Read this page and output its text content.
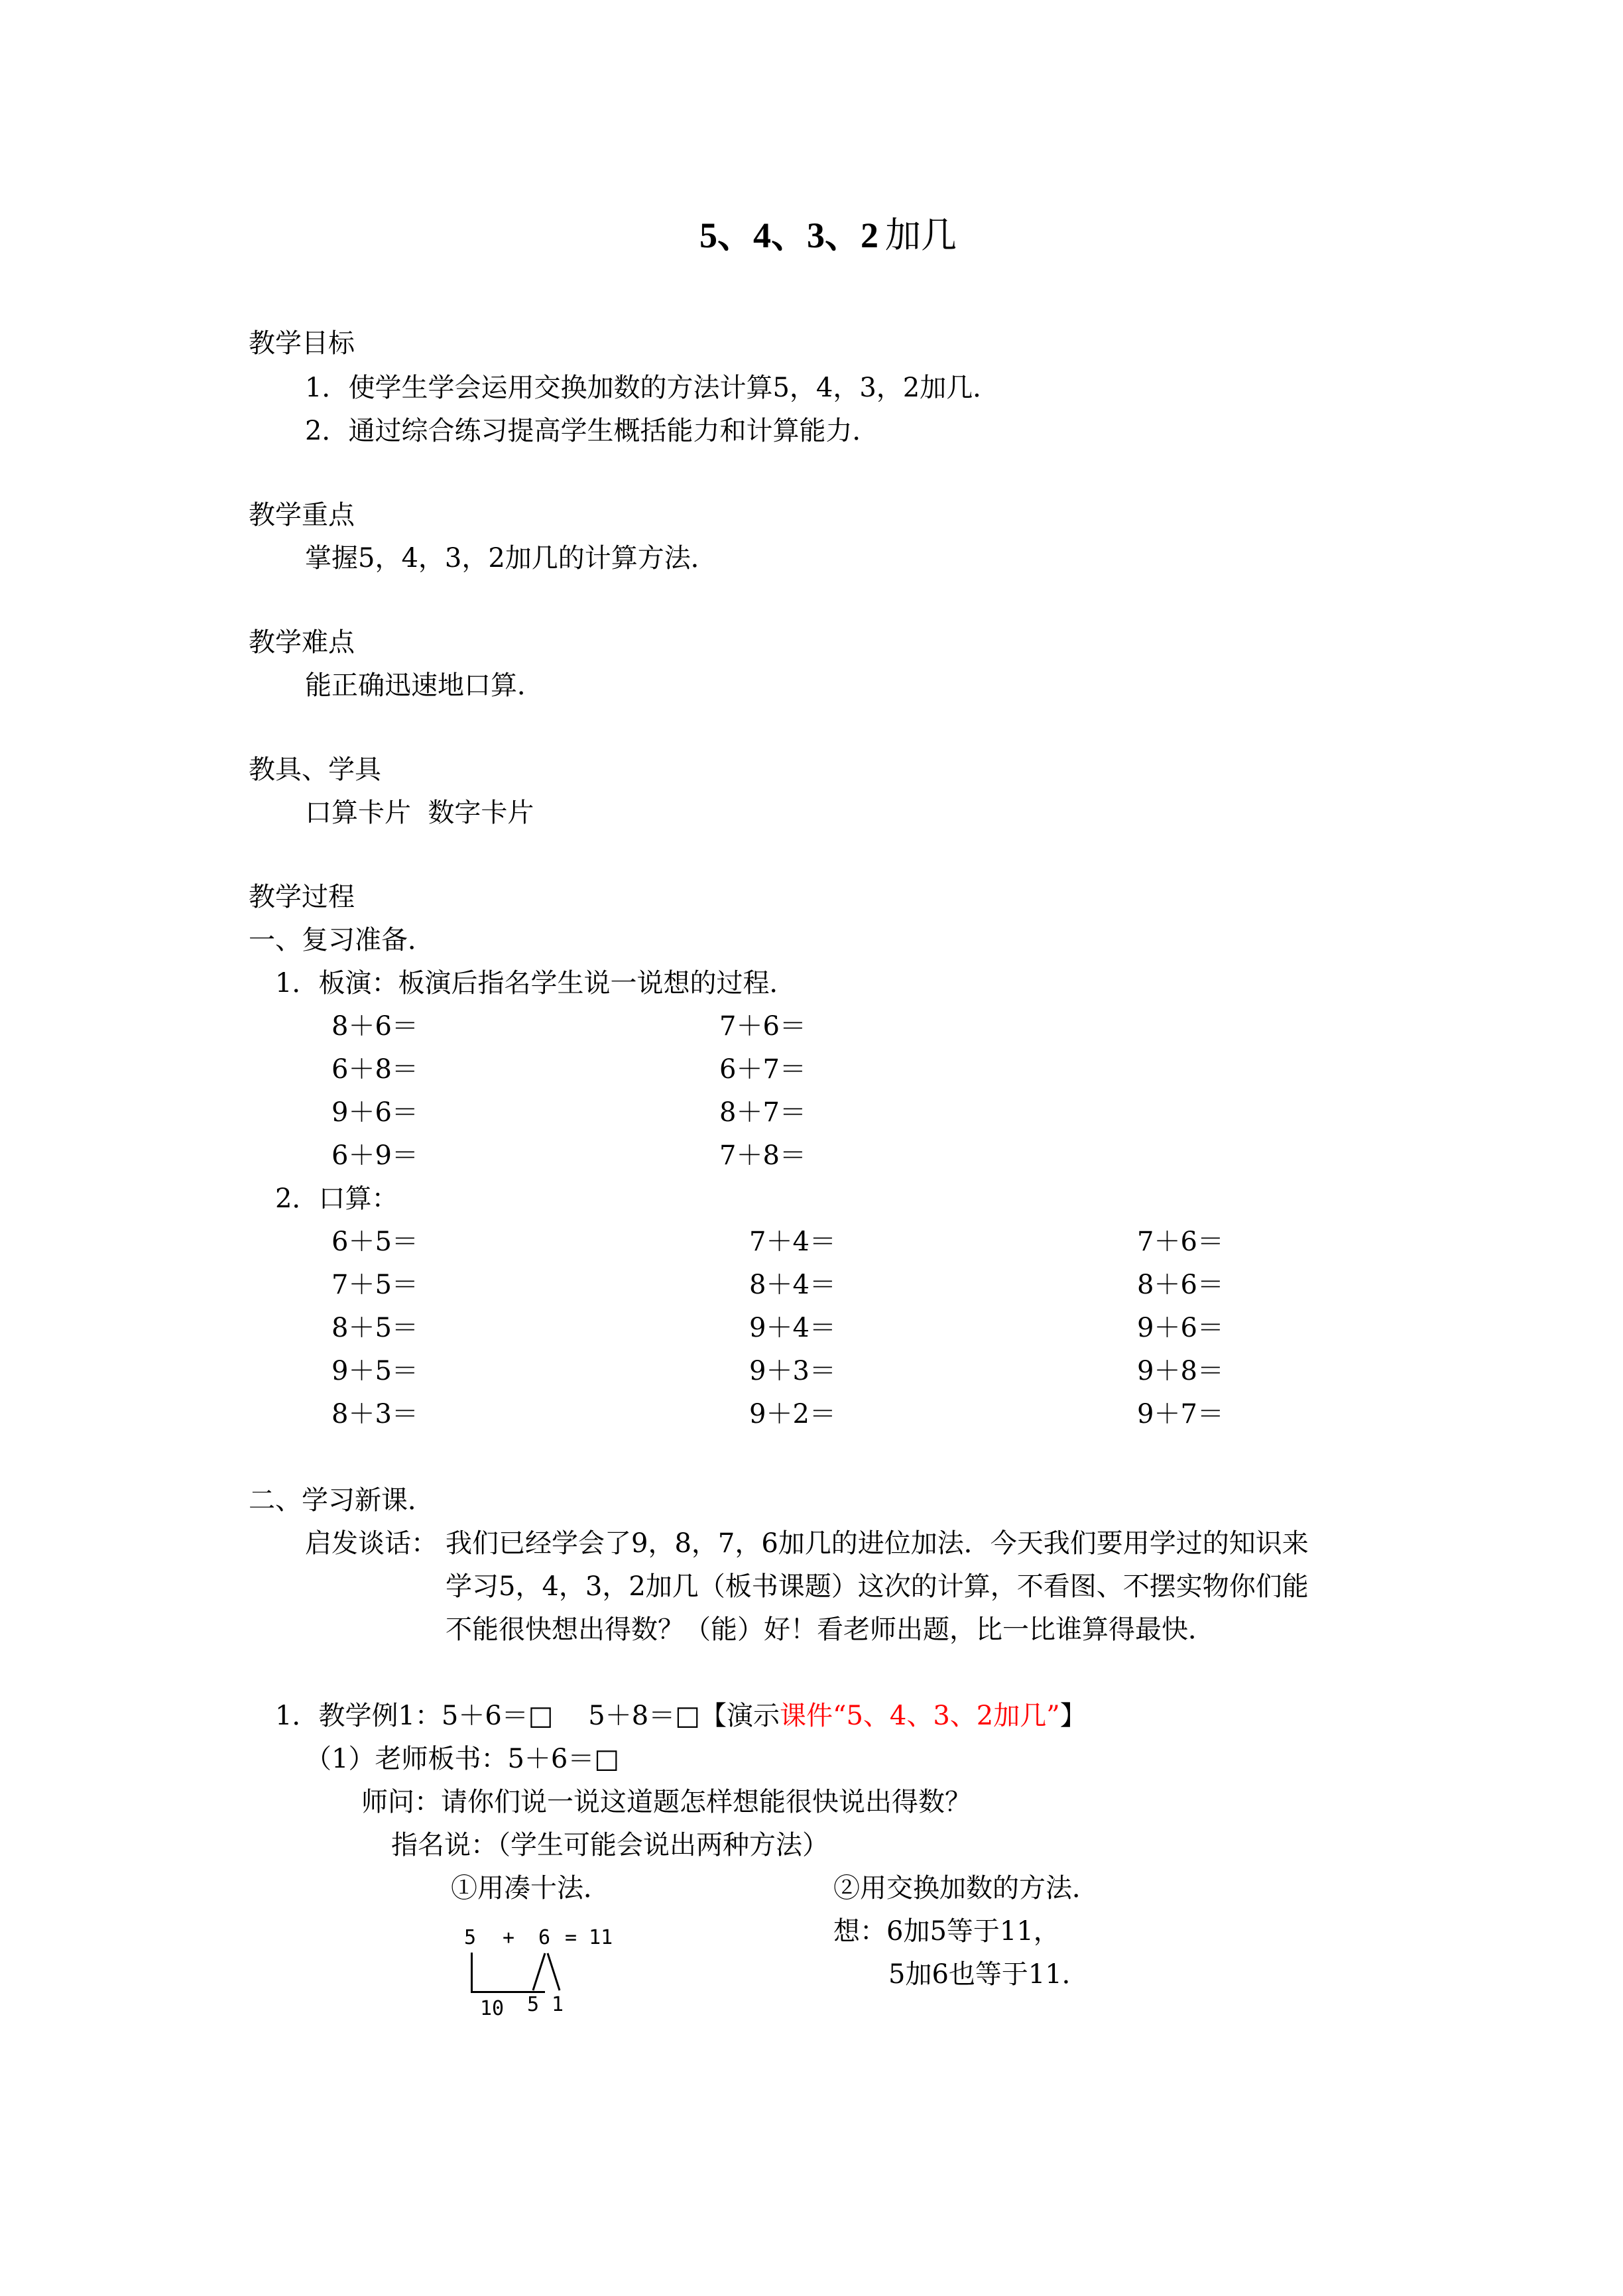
5、4、3、2 加几
教学目标
1．使学生学会运用交换加数的方法计算5，4，3，2加几．
2．通过综合练习提高学生概括能力和计算能力．
教学重点
掌握5，4，3，2加几的计算方法．
教学难点
能正确迅速地口算．
教具、学具
口算卡片  数字卡片
教学过程
一、复习准备．
1．板演：板演后指名学生说一说想的过程．
8＋6＝
6＋8＝
9＋6＝
6＋9＝
7＋6＝
6＋7＝
8＋7＝
7＋8＝
2．口算：
6＋5＝
7＋5＝
8＋5＝
9＋5＝
8＋3＝
7＋4＝
8＋4＝
9＋4＝
9＋3＝
9＋2＝
7＋6＝
8＋6＝
9＋6＝
9＋8＝
9＋7＝
二、学习新课．
启发谈话： 我们已经学会了9，8，7，6加几的进位加法．今天我们要用学过的知识来
学习5，4，3，2加几（板书课题）这次的计算，不看图、不摆实物你们能
不能很快想出得数？（能）好！看老师出题，比一比谁算得最快．
1．教学例1：5＋6＝□　 5＋8＝□【演示课件“5、4、3、2加几”】
（1）老师板书：5＋6＝□
师问：请你们说一说这道题怎样想能很快说出得数？
指名说：（学生可能会说出两种方法）
①用凑十法．	②用交换加数的方法．
想：6加5等于11，
5加6也等于11．
5 + 6 = 11
10 5 1
